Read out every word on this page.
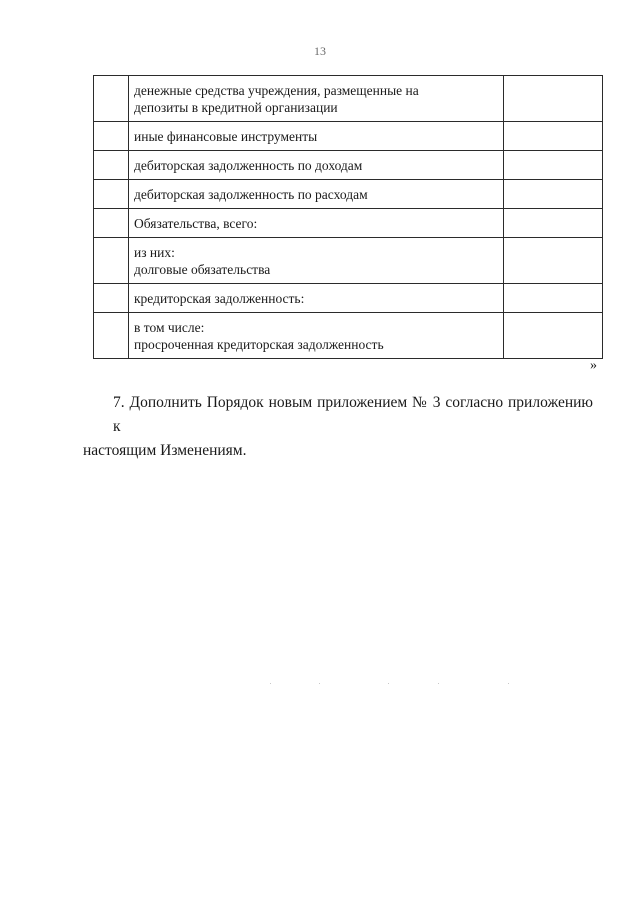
13

	денежные средства учреждения, размещенные на
депозиты в кредитной организации	

	иные финансовые инструменты	

	дебиторская задолженность по доходам	

	дебиторская задолженность по расходам	

	Обязательства, всего:	

	из них:
долговые обязательства	

	кредиторская задолженность:	

	в том числе:
просроченная кредиторская задолженность	

»

7. Дополнить Порядок новым приложением № 3 согласно приложению к
настоящим Изменениям.
